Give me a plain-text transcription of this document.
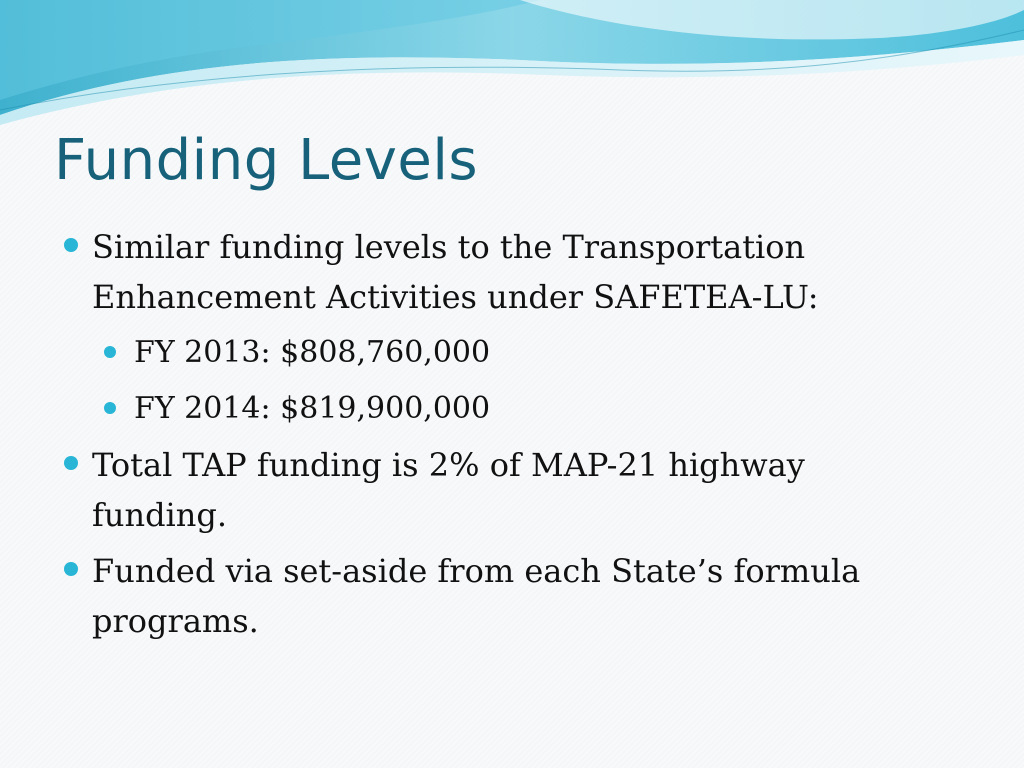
Funding Levels
Similar funding levels to the Transportation Enhancement Activities under SAFETEA-LU:
FY 2013: $808,760,000
FY 2014: $819,900,000
Total TAP funding is 2% of MAP-21 highway funding.
Funded via set-aside from each State’s formula programs.
